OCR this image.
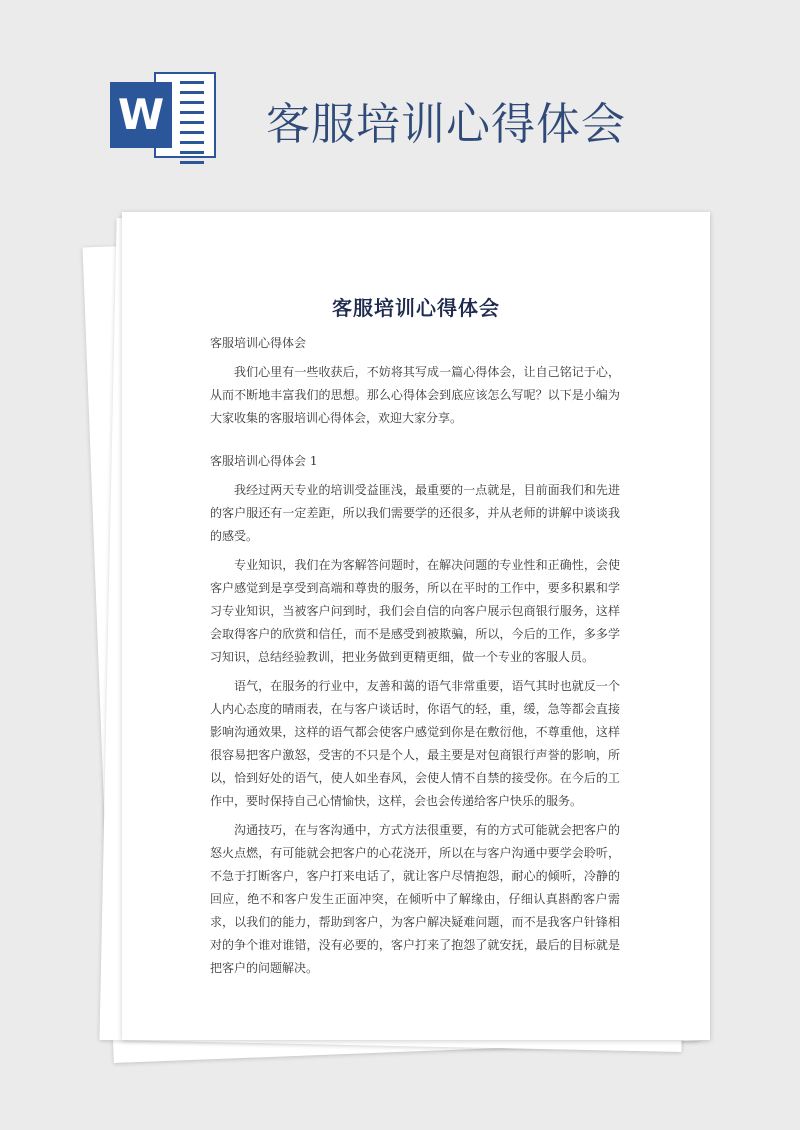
W 客服培训心得体会
客服培训心得体会

客服培训心得体会

我们心里有一些收获后，不妨将其写成一篇心得体会，让自己铭记于心，从而不断地丰富我们的思想。那么心得体会到底应该怎么写呢？以下是小编为大家收集的客服培训心得体会，欢迎大家分享。

客服培训心得体会 1

我经过两天专业的培训受益匪浅，最重要的一点就是，目前面我们和先进的客户服还有一定差距，所以我们需要学的还很多，并从老师的讲解中谈谈我的感受。

专业知识，我们在为客解答问题时，在解决问题的专业性和正确性，会使客户感觉到是享受到高端和尊贵的服务，所以在平时的工作中，要多积累和学习专业知识，当被客户问到时，我们会自信的向客户展示包商银行服务，这样会取得客户的欣赏和信任，而不是感受到被欺骗，所以，今后的工作，多多学习知识，总结经验教训，把业务做到更精更细，做一个专业的客服人员。

语气，在服务的行业中，友善和蔼的语气非常重要，语气其时也就反一个人内心态度的晴雨表，在与客户谈话时，你语气的轻，重，缓，急等都会直接影响沟通效果，这样的语气都会使客户感觉到你是在敷衍他，不尊重他，这样很容易把客户激怒，受害的不只是个人，最主要是对包商银行声誉的影响，所以，恰到好处的语气，使人如坐春风，会使人情不自禁的接受你。在今后的工作中，要时保持自己心情愉快，这样，会也会传递给客户快乐的服务。

沟通技巧，在与客沟通中，方式方法很重要，有的方式可能就会把客户的怒火点燃，有可能就会把客户的心花浇开，所以在与客户沟通中要学会聆听，不急于打断客户，客户打来电话了，就让客户尽情抱怨，耐心的倾听，冷静的回应，绝不和客户发生正面冲突，在倾听中了解缘由，仔细认真斟酌客户需求，以我们的能力，帮助到客户，为客户解决疑难问题，而不是我客户针锋相对的争个谁对谁错，没有必要的，客户打来了抱怨了就安抚，最后的目标就是把客户的问题解决。
